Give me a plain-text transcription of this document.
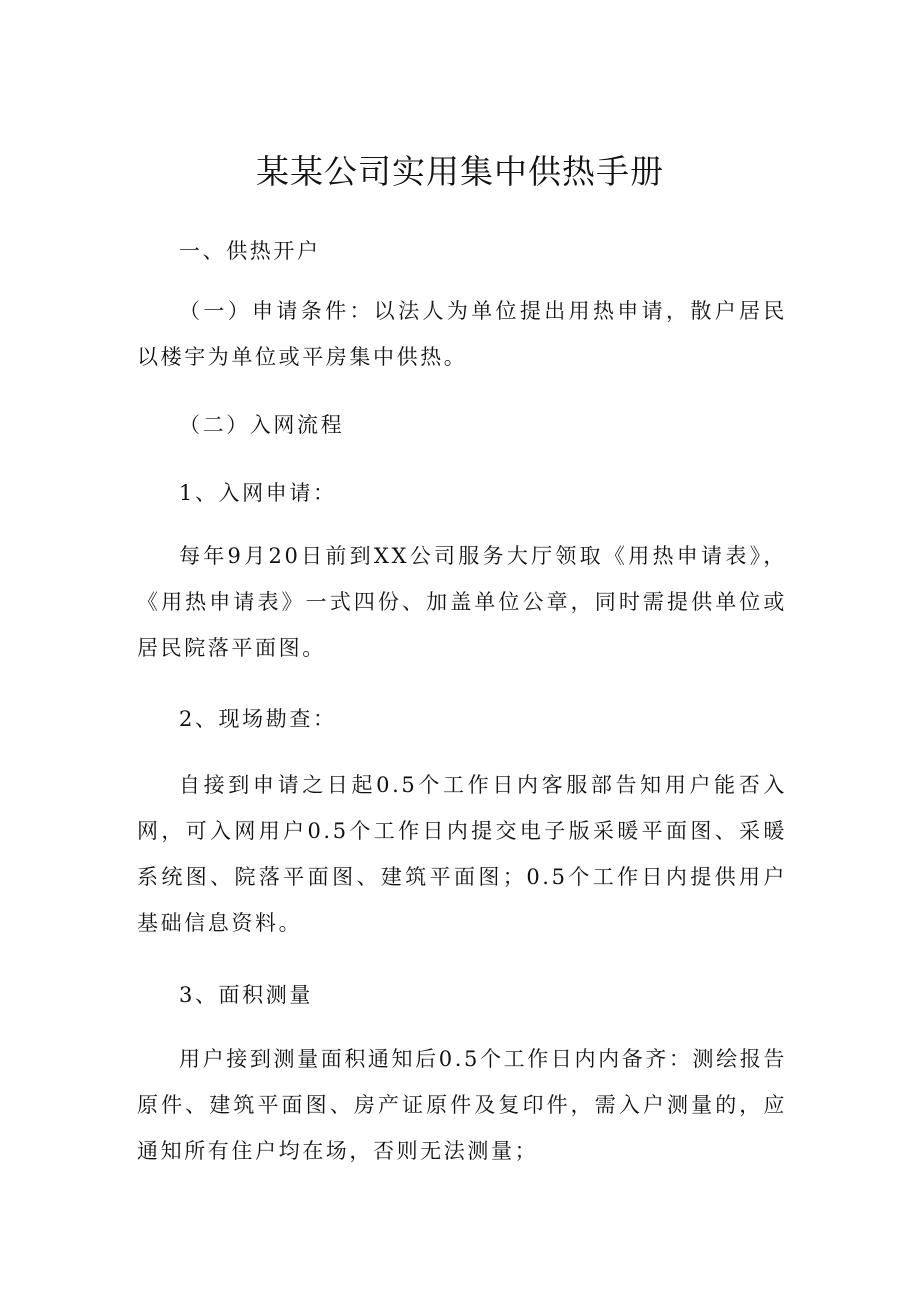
某某公司实用集中供热手册

一、供热开户

（一）申请条件：以法人为单位提出用热申请，散户居民以楼宇为单位或平房集中供热。

（二）入网流程

1、入网申请：

每年9月20日前到XX公司服务大厅领取《用热申请表》，《用热申请表》一式四份、加盖单位公章，同时需提供单位或居民院落平面图。

2、现场勘查：

自接到申请之日起0.5个工作日内客服部告知用户能否入网，可入网用户0.5个工作日内提交电子版采暖平面图、采暖系统图、院落平面图、建筑平面图；0.5个工作日内提供用户基础信息资料。

3、面积测量

用户接到测量面积通知后0.5个工作日内内备齐：测绘报告原件、建筑平面图、房产证原件及复印件，需入户测量的，应通知所有住户均在场，否则无法测量；
